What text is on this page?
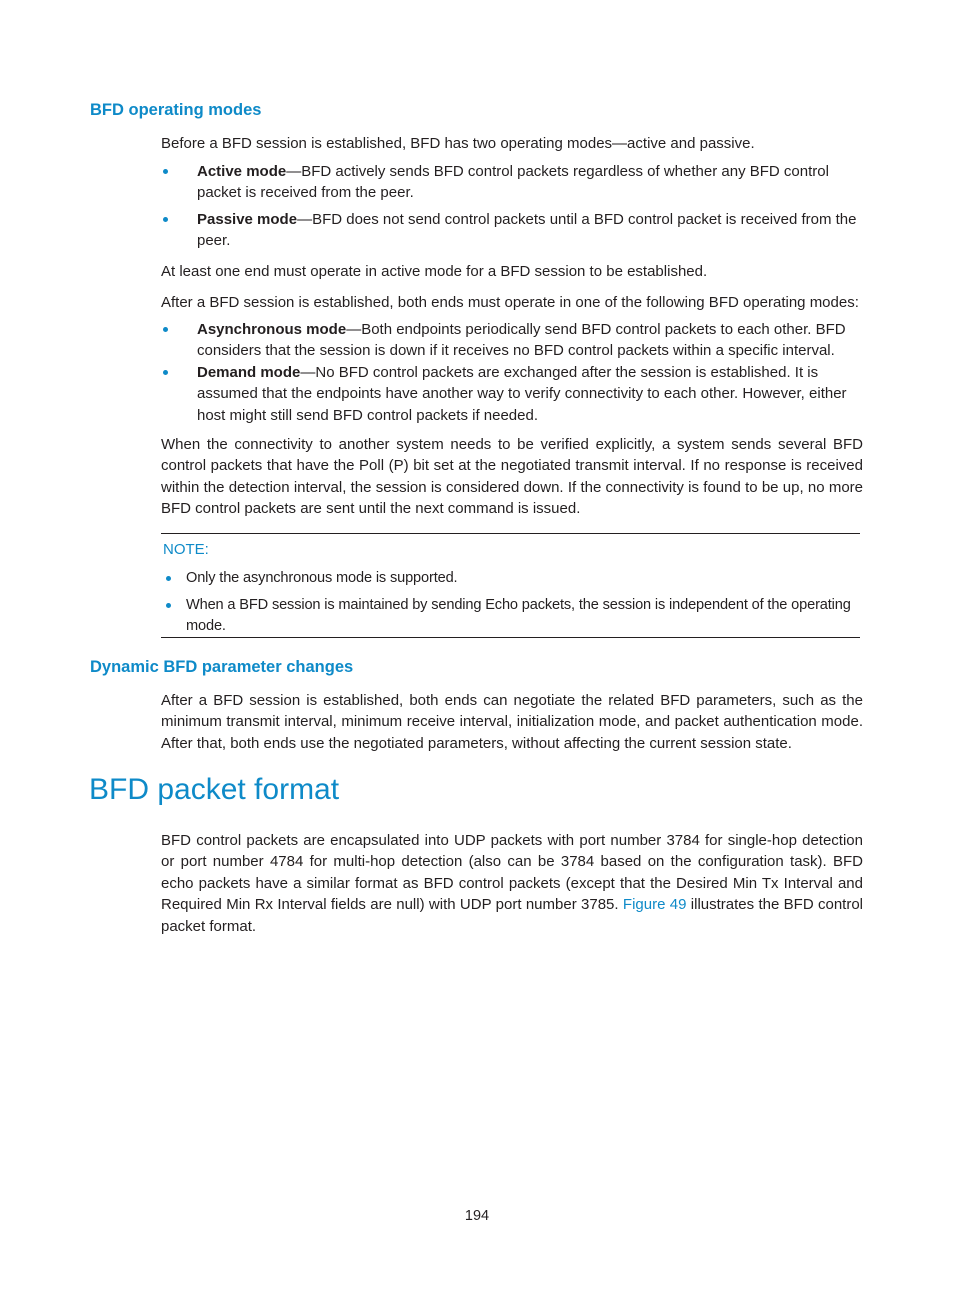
BFD operating modes

Before a BFD session is established, BFD has two operating modes—active and passive.

Active mode—BFD actively sends BFD control packets regardless of whether any BFD control packet is received from the peer.
Passive mode—BFD does not send control packets until a BFD control packet is received from the peer.

At least one end must operate in active mode for a BFD session to be established.

After a BFD session is established, both ends must operate in one of the following BFD operating modes:

Asynchronous mode—Both endpoints periodically send BFD control packets to each other. BFD considers that the session is down if it receives no BFD control packets within a specific interval.
Demand mode—No BFD control packets are exchanged after the session is established. It is assumed that the endpoints have another way to verify connectivity to each other. However, either host might still send BFD control packets if needed.

When the connectivity to another system needs to be verified explicitly, a system sends several BFD control packets that have the Poll (P) bit set at the negotiated transmit interval. If no response is received within the detection interval, the session is considered down. If the connectivity is found to be up, no more BFD control packets are sent until the next command is issued.

NOTE:

Only the asynchronous mode is supported.
When a BFD session is maintained by sending Echo packets, the session is independent of the operating mode.
Dynamic BFD parameter changes

After a BFD session is established, both ends can negotiate the related BFD parameters, such as the minimum transmit interval, minimum receive interval, initialization mode, and packet authentication mode. After that, both ends use the negotiated parameters, without affecting the current session state.

BFD packet format

BFD control packets are encapsulated into UDP packets with port number 3784 for single-hop detection or port number 4784 for multi-hop detection (also can be 3784 based on the configuration task). BFD echo packets have a similar format as BFD control packets (except that the Desired Min Tx Interval and Required Min Rx Interval fields are null) with UDP port number 3785. Figure 49 illustrates the BFD control packet format.

194
